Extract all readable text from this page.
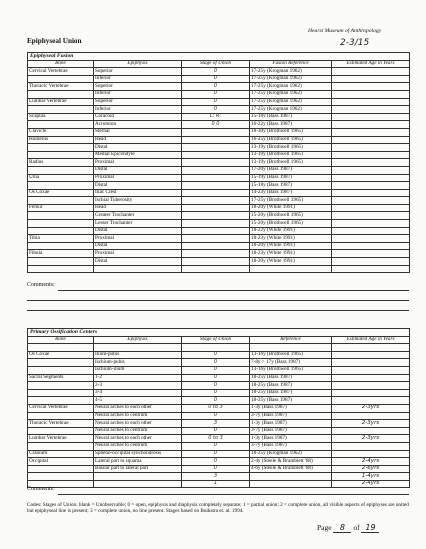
Epiphyseal Union
Hearst Museum of Anthropology
2-3/15
Epiphyseal Fusion				
Bone	Epiphysis	Stage of Union	Fusion Reference	Estimated Age in Years
Cervical Vertebrae	Superior	0	17-25y (Krogman 1962)	
	Inferior	0	17-25y (Krogman 1962)	
Thoracic Vertebrae	Superior	0	17-25y (Krogman 1962)	
	Inferior	0	17-25y (Krogman 1962)	
Lumbar Vertebrae	Superior	0	17-25y (Krogman 1962)	
	Inferior	0	17-25y (Krogman 1962)	
Scapula	Coracoid	L: R:	15-18y (Bass 1987)	
	Acromion	0 0	16-22y (Bass 1987)	
Clavicle	Sternal		18-30y (Brothwell 1965)	
Humerus	Head		16-25y (Brothwell 1965)	
	Distal		13-19y (Brothwell 1965)	
	Medial Epicondyle		13-19y (Brothwell 1965)	
Radius	Proximal		13-19y (Brothwell 1965)	
	Distal		17-20y (Bass 1987)	
Ulna	Proximal		15-19y (Bass 1987)	
	Distal		15-18y (Bass 1987)	
Os Coxae	Iliac Crest		14-23y (Bass 1987)	
	Ischial Tuberosity		17-25y (Brothwell 1965)	
Femur	Head		18-20y (White 1991)	
	Greater Trochanter		15-20y (Brothwell 1965)	
	Lesser Trochanter		15-20y (Brothwell 1965)	
	Distal		18-22y (White 1991)	
Tibia	Proximal		18-23y (White 1991)	
	Distal		18-20y (White 1991)	
Fibula	Proximal		18-23y (White 1991)	
	Distal		18-20y (White 1991)	

Comments:
Primary Ossification Centers				
Bone	Epiphysis	Stage of Union	Reference	Estimated Age in Years

Os Coxae	Ilium-pubis	0	13-16y (Brothwell 1965)	
	Ischium-pubis	0	7-8y > 17y (Bass 1987)	
	Ischium-ilium	0	13-16y (Brothwell 1965)	
Sacral Segments	1-2	0	18-25y (Bass 1987)	
	2-3	0	18-25y (Bass 1987)	
	3-4	0	18-25y (Bass 1987)	
	4-5	0	18-25y (Bass 1987)	
Cervical Vertebrae	Neural arches to each other	0 to 3	1-3y (Bass 1987)	2-3yrs
	Neural arches to centrum	0	3-7y (Bass 1987)	
Thoracic Vertebrae	Neural arches to each other	3	1-3y (Bass 1987)	2-3yrs
	Neural arches to centrum	0	3-7y (Bass 1987)	
Lumbar Vertebrae	Neural arches to each other	0 to 3	1-3y (Bass 1987)	2-3yrs
	Neural arches to centrum	0	3-7y (Bass 1987)	
Cranium	Spheno-occipital synchondrosis	0	18-25y (Krogman 1962)	
Occipital	Lateral part to squama	0	2-4y (Steele & Bramblett '88)	2-4yrs
	Basilar part to lateral part	0	4-6y (Steele & Bramblett '88)	2-6yrs
		3		1-4yrs
		1		2-4yrs
Comments:
Codes: Stages of Union: blank = Unobservable; 0 = open, epiphysis and diaphysis completely separate; 1 = partial union; 2 = complete union, all visible aspects of epiphyses are united but epiphyseal line is present; 3 = complete union, no line present. Stages based on Buikstra et. al. 1994.
Page 8 of 19
